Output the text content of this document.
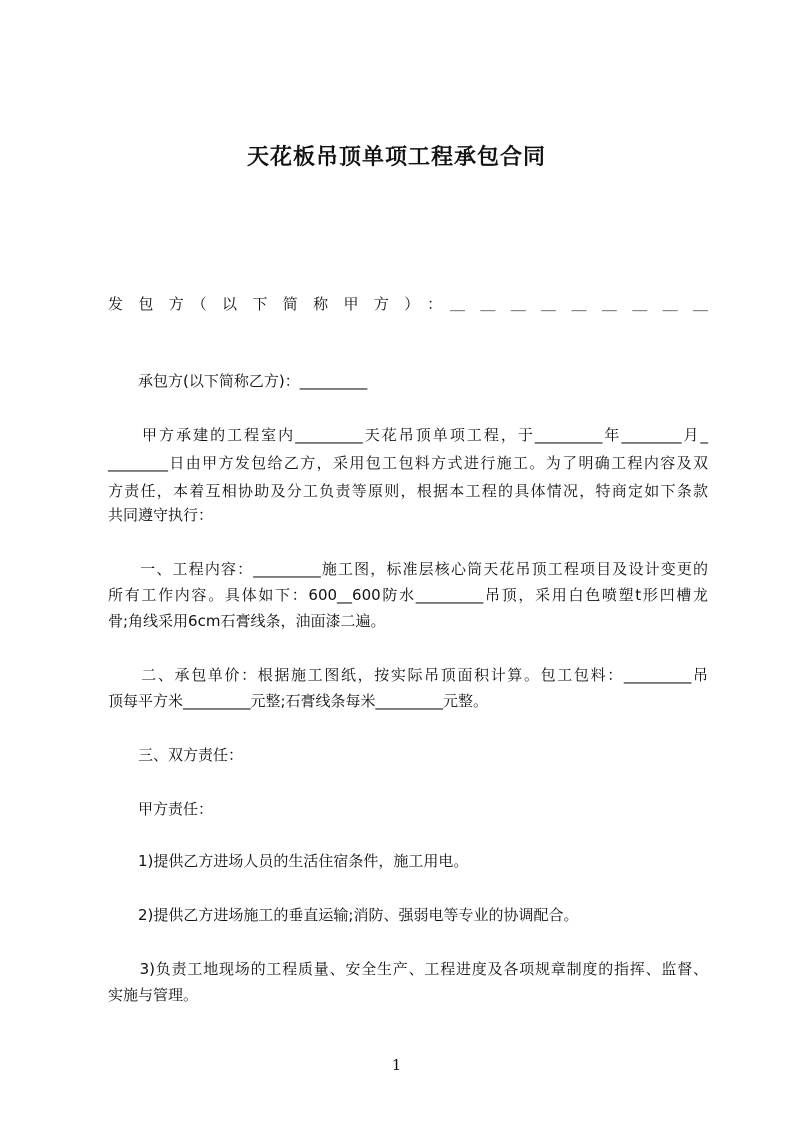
天花板吊顶单项工程承包合同
发　包　方　（　以　下　简　称　甲　方　）　：　＿　＿　＿　＿　＿　＿　＿　＿　＿
　　承包方(以下简称乙方)：_________
　　甲方承建的工程室内_________天花吊顶单项工程，于_________年________月_
________日由甲方发包给乙方，采用包工包料方式进行施工。为了明确工程内容及双
方责任，本着互相协助及分工负责等原则，根据本工程的具体情况，特商定如下条款
共同遵守执行：
　　一、工程内容：_________施工图，标准层核心筒天花吊顶工程项目及设计变更的
所有工作内容。具体如下：600__600防水_________吊顶，采用白色喷塑t形凹槽龙
骨;角线采用6cm石膏线条，油面漆二遍。
　　二、承包单价：根据施工图纸，按实际吊顶面积计算。包工包料：_________吊
顶每平方米_________元整;石膏线条每米_________元整。
　　三、双方责任：
　　甲方责任：
　　1)提供乙方进场人员的生活住宿条件，施工用电。
　　2)提供乙方进场施工的垂直运输;消防、强弱电等专业的协调配合。
　　3)负责工地现场的工程质量、安全生产、工程进度及各项规章制度的指挥、监督、
实施与管理。
1
